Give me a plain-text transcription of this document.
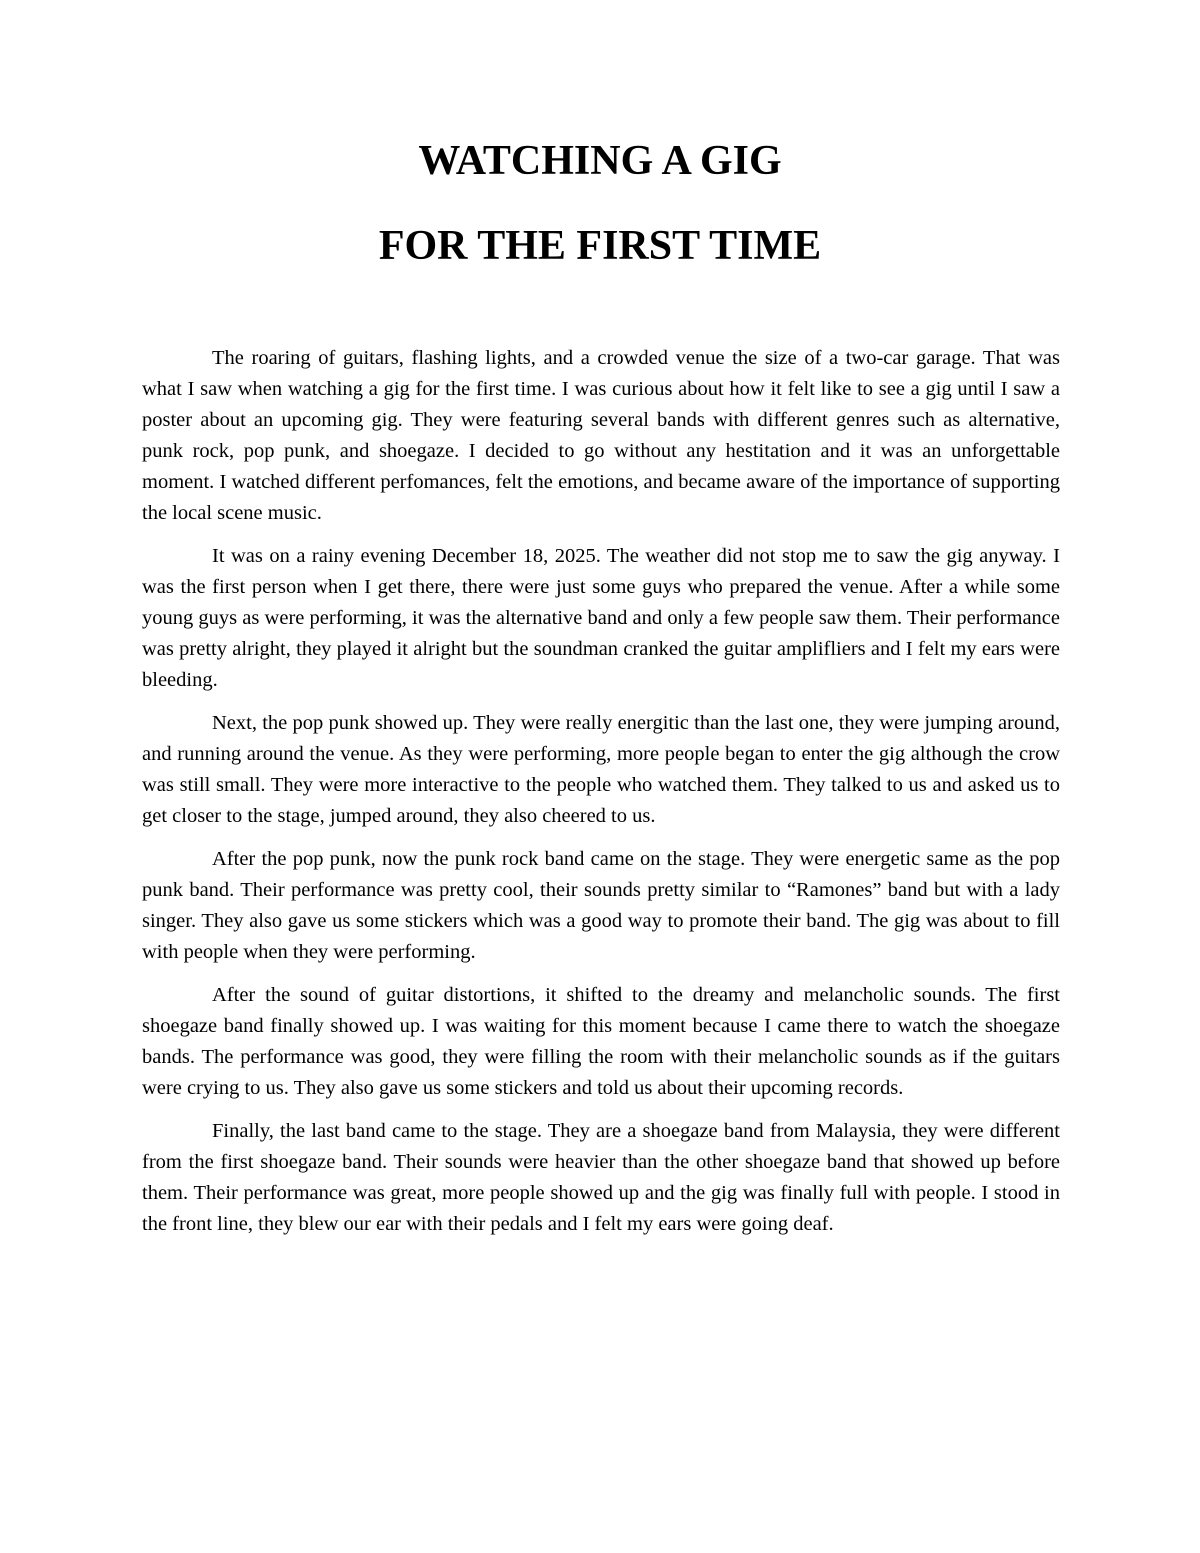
WATCHING A GIG
FOR THE FIRST TIME

The roaring of guitars, flashing lights, and a crowded venue the size of a two-car garage. That was what I saw when watching a gig for the first time. I was curious about how it felt like to see a gig until I saw a poster about an upcoming gig. They were featuring several bands with different genres such as alternative, punk rock, pop punk, and shoegaze. I decided to go without any hestitation and it was an unforgettable moment. I watched different perfomances, felt the emotions, and became aware of the importance of supporting the local scene music.

It was on a rainy evening December 18, 2025. The weather did not stop me to saw the gig anyway. I was the first person when I get there, there were just some guys who prepared the venue. After a while some young guys as were performing, it was the alternative band and only a few people saw them. Their performance was pretty alright, they played it alright but the soundman cranked the guitar amplifliers and I felt my ears were bleeding.

Next, the pop punk showed up. They were really energitic than the last one, they were jumping around, and running around the venue. As they were performing, more people began to enter the gig although the crow was still small. They were more interactive to the people who watched them. They talked to us and asked us to get closer to the stage, jumped around, they also cheered to us.

After the pop punk, now the punk rock band came on the stage. They were energetic same as the pop punk band. Their performance was pretty cool, their sounds pretty similar to “Ramones” band but with a lady singer. They also gave us some stickers which was a good way to promote their band. The gig was about to fill with people when they were performing.

After the sound of guitar distortions, it shifted to the dreamy and melancholic sounds. The first shoegaze band finally showed up. I was waiting for this moment because I came there to watch the shoegaze bands. The performance was good, they were filling the room with their melancholic sounds as if the guitars were crying to us. They also gave us some stickers and told us about their upcoming records.

Finally, the last band came to the stage. They are a shoegaze band from Malaysia, they were different from the first shoegaze band. Their sounds were heavier than the other shoegaze band that showed up before them. Their performance was great, more people showed up and the gig was finally full with people. I stood in the front line, they blew our ear with their pedals and I felt my ears were going deaf.
